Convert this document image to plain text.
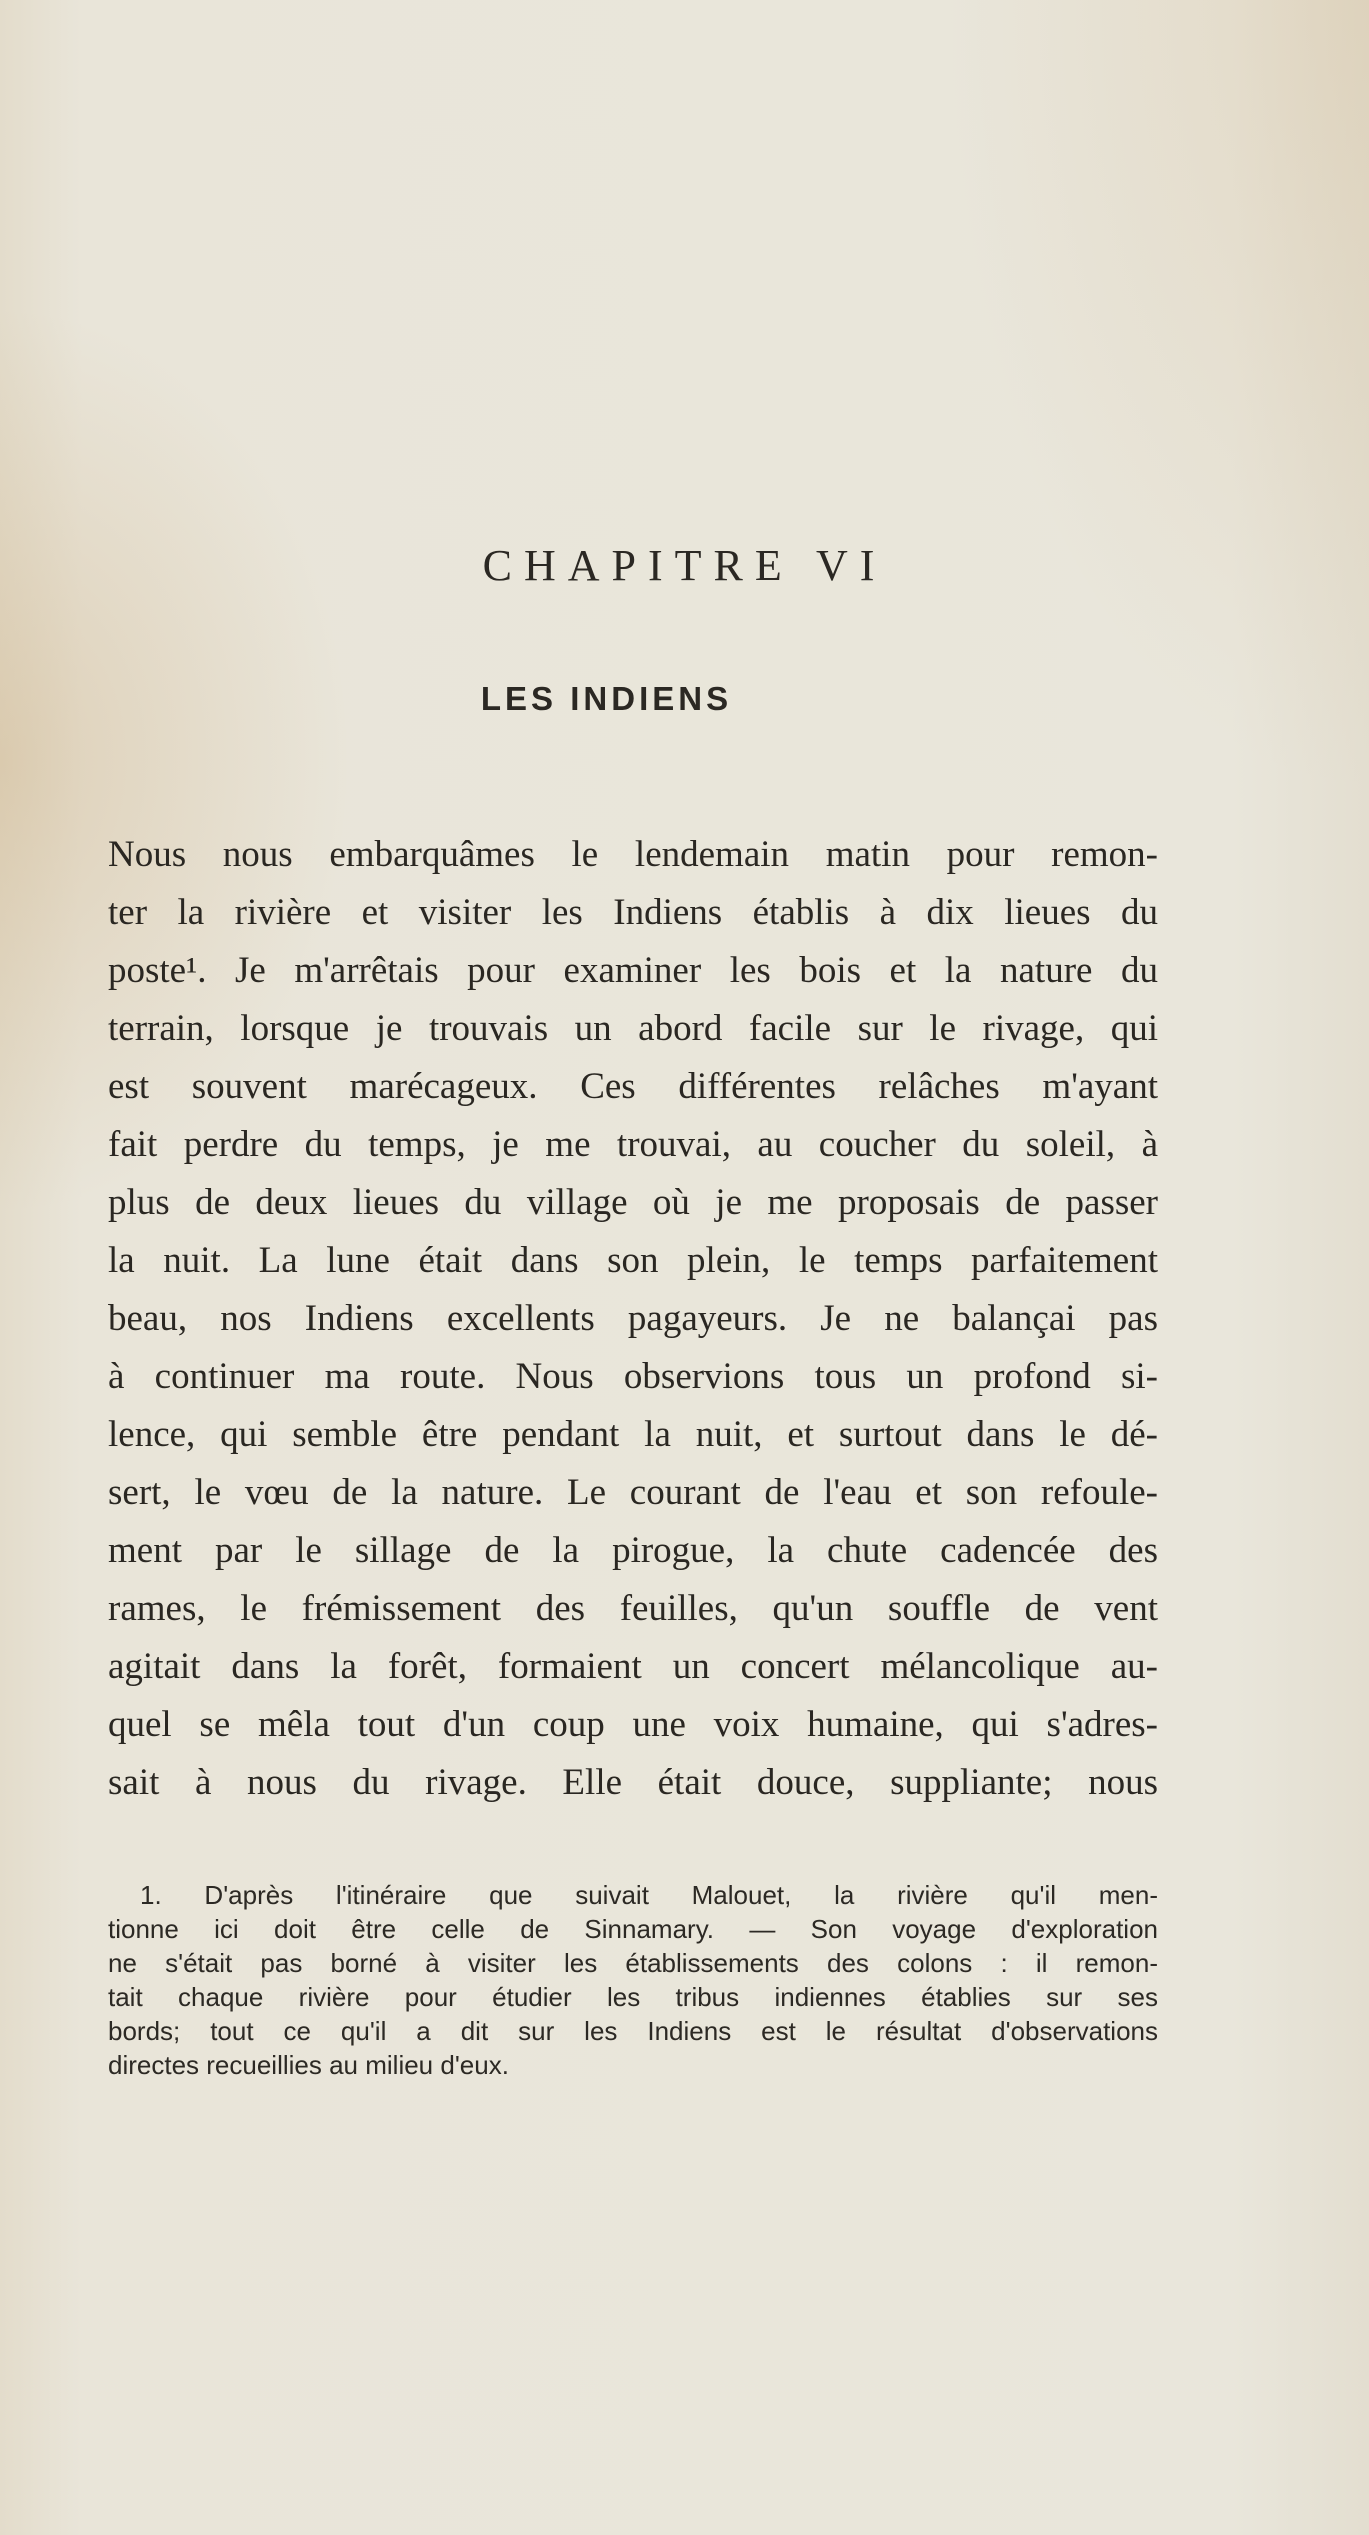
CHAPITRE VI
LES INDIENS
Nous nous embarquâmes le lendemain matin pour remon-
ter la rivière et visiter les Indiens établis à dix lieues du
poste¹. Je m'arrêtais pour examiner les bois et la nature du
terrain, lorsque je trouvais un abord facile sur le rivage, qui
est souvent marécageux. Ces différentes relâches m'ayant
fait perdre du temps, je me trouvai, au coucher du soleil, à
plus de deux lieues du village où je me proposais de passer
la nuit. La lune était dans son plein, le temps parfaitement
beau, nos Indiens excellents pagayeurs. Je ne balançai pas
à continuer ma route. Nous observions tous un profond si-
lence, qui semble être pendant la nuit, et surtout dans le dé-
sert, le vœu de la nature. Le courant de l'eau et son refoule-
ment par le sillage de la pirogue, la chute cadencée des
rames, le frémissement des feuilles, qu'un souffle de vent
agitait dans la forêt, formaient un concert mélancolique au-
quel se mêla tout d'un coup une voix humaine, qui s'adres-
sait à nous du rivage. Elle était douce, suppliante; nous
1. D'après l'itinéraire que suivait Malouet, la rivière qu'il men-
tionne ici doit être celle de Sinnamary. — Son voyage d'exploration
ne s'était pas borné à visiter les établissements des colons : il remon-
tait chaque rivière pour étudier les tribus indiennes établies sur ses
bords; tout ce qu'il a dit sur les Indiens est le résultat d'observations
directes recueillies au milieu d'eux.
